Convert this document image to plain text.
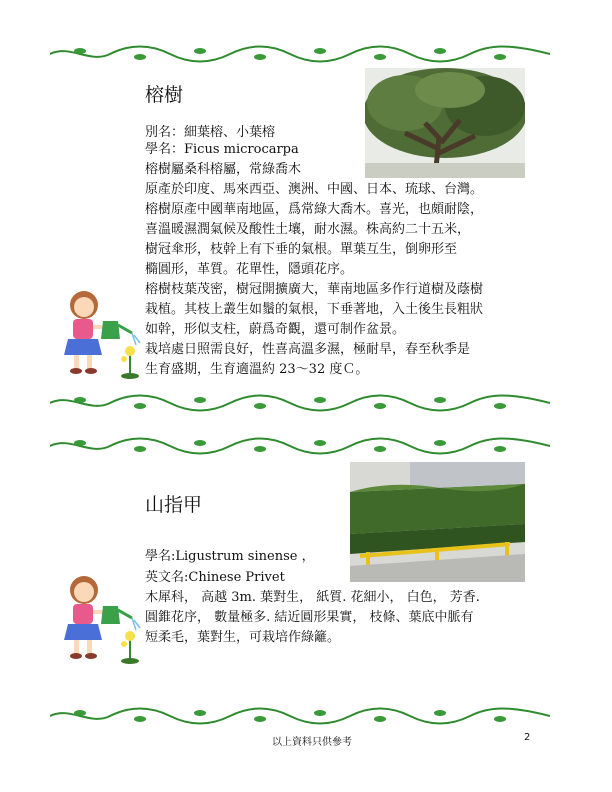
榕樹
別名：細葉榕、小葉榕
學名：Ficus microcarpa
榕樹屬桑科榕屬，常綠喬木
原產於印度、馬來西亞、澳洲、中國、日本、琉球、台灣。
榕樹原產中國華南地區，爲常綠大喬木。喜光，也頗耐陰，
喜溫暖濕潤氣候及酸性土壤，耐水濕。株高約二十五米，
樹冠傘形，枝幹上有下垂的氣根。單葉互生，倒卵形至
橢圓形，革質。花單性，隱頭花序。
榕樹枝葉茂密，樹冠開擴廣大，華南地區多作行道樹及蔭樹
栽植。其枝上叢生如鬚的氣根，下垂著地，入土後生長粗狀
如幹，形似支柱，蔚爲奇觀，還可制作盆景。
栽培處日照需良好，性喜高溫多濕，極耐旱，春至秋季是
生育盛期，生育適溫約 23～32 度Ｃ。
山指甲
學名:Ligustrum sinense ，
英文名:Chinese Privet
木犀科， 高越 3m. 葉對生， 紙質. 花細小， 白色， 芳香.
圓錐花序， 數量極多. 結近圓形果實， 枝條、葉底中脈有
短柔毛，葉對生，可栽培作綠籬。
以上資料只供參考	2
